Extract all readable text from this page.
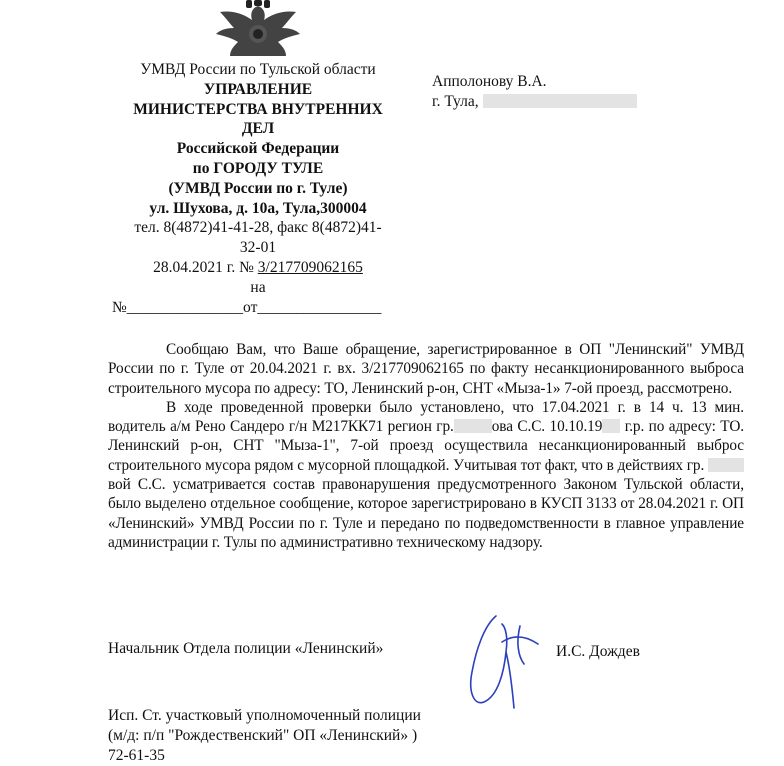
УМВД России по Тульской области
УПРАВЛЕНИЕ
МИНИСТЕРСТВА ВНУТРЕННИХ
ДЕЛ
Российской Федерации
по ГОРОДУ ТУЛЕ
(УМВД России по г. Туле)
ул. Шухова, д. 10а, Тула,300004
тел. 8(4872)41-41-28, факс 8(4872)41-
32-01
28.04.2021 г. № 3/217709062165
на
№_______________от________________
Апполонову В.А.
г. Тула,

Сообщаю Вам, что Ваше обращение, зарегистрированное в ОП "Ленинский" УМВД России по г. Туле от 20.04.2021 г. вх. 3/217709062165 по факту несанкционированного выброса строительного мусора по адресу: ТО, Ленинский р-он, СНТ «Мыза-1» 7-ой проезд, рассмотрено.

В ходе проведенной проверки было установлено, что 17.04.2021 г. в 14 ч. 13 мин. водитель а/м Рено Сандеро г/н М217КК71 регион гр. ова С.С. 10.10.19 г.р. по адресу: ТО. Ленинский р-он, СНТ "Мыза-1", 7-ой проезд осуществила несанкционированный выброс строительного мусора рядом с мусорной площадкой. Учитывая тот факт, что в действиях гр. вой С.С. усматривается состав правонарушения предусмотренного Законом Тульской области, было выделено отдельное сообщение, которое зарегистрировано в КУСП 3133 от 28.04.2021 г. ОП «Ленинский» УМВД России по г. Туле и передано по подведомственности в главное управление администрации г. Тулы по административно техническому надзору.

Начальник Отдела полиции «Ленинский»	И.С. Дождев
Исп. Ст. участковый уполномоченный полиции
(м/д: п/п "Рождественский" ОП «Ленинский» )
72-61-35
